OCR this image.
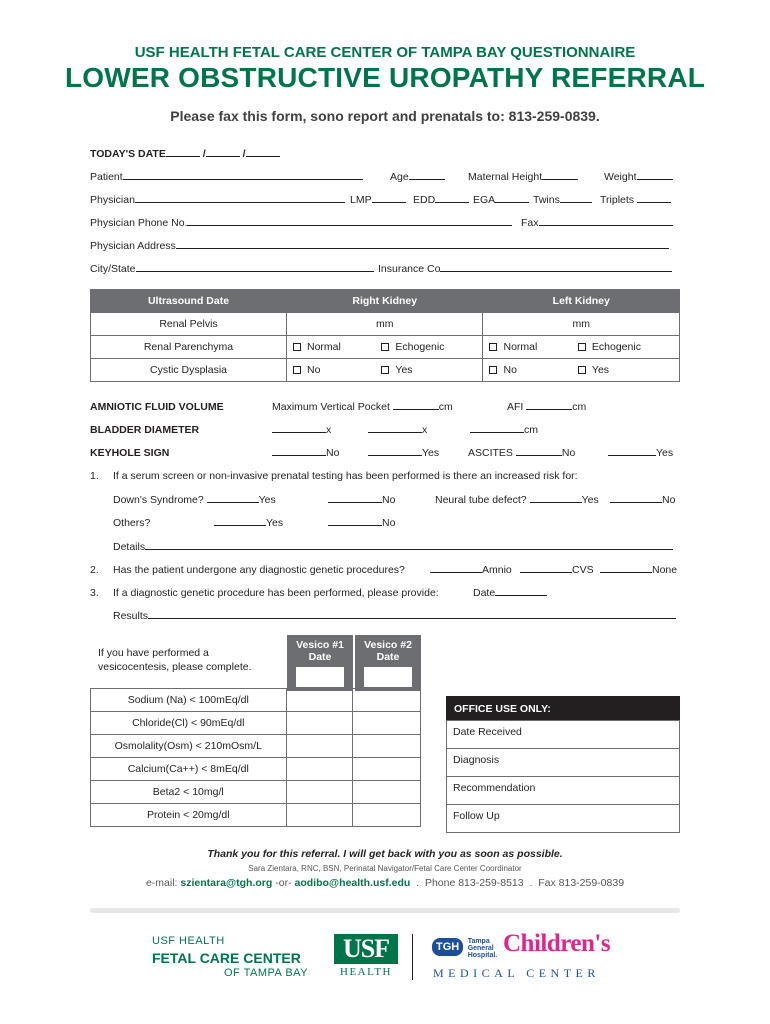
USF HEALTH FETAL CARE CENTER OF TAMPA BAY QUESTIONNAIRE
LOWER OBSTRUCTIVE UROPATHY REFERRAL
Please fax this form, sono report and prenatals to: 813-259-0839.
TODAY'S DATE	/	/
Patient	Age	Maternal Height	Weight
Physician	LMP	EDD	EGA	Twins	Triplets
Physician Phone No.	Fax
Physician Address
City/State	Insurance Co
Ultrasound Date	Right Kidney		Left Kidney	
Renal Pelvis	mm		mm	
Renal Parenchyma	Normal	Echogenic	Normal	Echogenic
Cystic Dysplasia	No	Yes	No	Yes
AMNIOTIC FLUID VOLUME	Maximum Vertical Pocket	cm	AFI	cm
BLADDER DIAMETER	x	x	cm
KEYHOLE SIGN	No	Yes	ASCITES	No	Yes
1. If a serum screen or non-invasive prenatal testing has been performed is there an increased risk for:
Down's Syndrome?	Yes	No	Neural tube defect?	Yes	No
Others?	Yes	No
Details
2. Has the patient undergone any diagnostic genetic procedures?	Amnio	CVS	None
3. If a diagnostic genetic procedure has been performed, please provide:	Date
Results
If you have performed a
vesicocentesis, please complete.
Vesico #1
Date
Vesico #2
Date
Sodium (Na) < 100mEq/dl		
Chloride(Cl) < 90mEq/dl		
Osmolality(Osm) < 210mOsm/L		
Calcium(Ca++) < 8mEq/dl		
Beta2 < 10mg/l		
Protein < 20mg/dl		
OFFICE USE ONLY:
Date Received
Diagnosis
Recommendation
Follow Up
Thank you for this referral. I will get back with you as soon as possible.
Sara Zientara, RNC, BSN, Perinatal Navigator/Fetal Care Center Coordinator
e-mail: szientara@tgh.org -or- aodibo@health.usf.edu . Phone 813-259-8513 . Fax 813-259-0839
USF HEALTH
FETAL CARE CENTER
OF TAMPA BAY
USF
HEALTH
TGH Tampa
General
Hospital. Children's
MEDICAL CENTER
